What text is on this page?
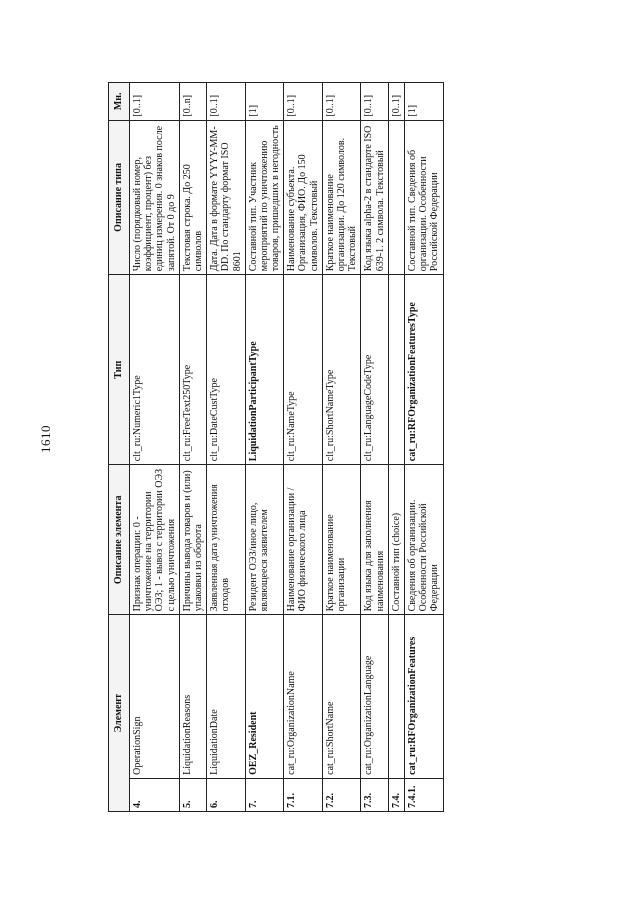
1610
Элемент		Описание элемента	Тип	Описание типа	Мн.
4.	OperationSign	Признак операции: 0 - уничтожение на территории ОЭЗ; 1 - вывоз с территории ОЭЗ с целью уничтожения	clt_ru:Numeric1Type	Число (порядковый номер, коэффициент, процент) без единиц измерения. 0 знаков после запятой. От 0 до 9	[0..1]
5.	LiquidationReasons	Причины вывода товаров и (или) упаковки из оборота	clt_ru:FreeText250Type	Текстовая строка. До 250 символов	[0..n]
6.	LiquidationDate	Заявленная дата уничтожения отходов	clt_ru:DateCustType	Дата. Дата в формате YYYY-MM-DD. По стандарту формат ISO 8601	[0..1]
7.	OEZ_Resident	Резидент ОЭЗ/иное лицо, являющееся заявителем	LiquidationParticipantType	Составной тип. Участник мероприятий по уничтожению товаров, пришедших в негодность	[1]
7.1.	cat_ru:OrganizationName	Наименование организации / ФИО физического лица	clt_ru:NameType	Наименование субъекта. Организация, ФИО. До 150 символов. Текстовый	[0..1]
7.2.	cat_ru:ShortName	Краткое наименование организации	clt_ru:ShortNameType	Краткое наименование организации. До 120 символов. Текстовый	[0..1]
7.3.	cat_ru:OrganizationLanguage	Код языка для заполнения наименования	clt_ru:LanguageCodeType	Код языка alpha-2 в стандарте ISO 639-1. 2 символа. Текстовый	[0..1]
7.4.		Составной тип (choice)			[0..1]
7.4.1.	cat_ru:RFOrganizationFeatures	Сведения об организации. Особенности Российской Федерации	cat_ru:RFOrganizationFeaturesType	Составной тип. Сведения об организации. Особенности Российской Федерации	[1]
